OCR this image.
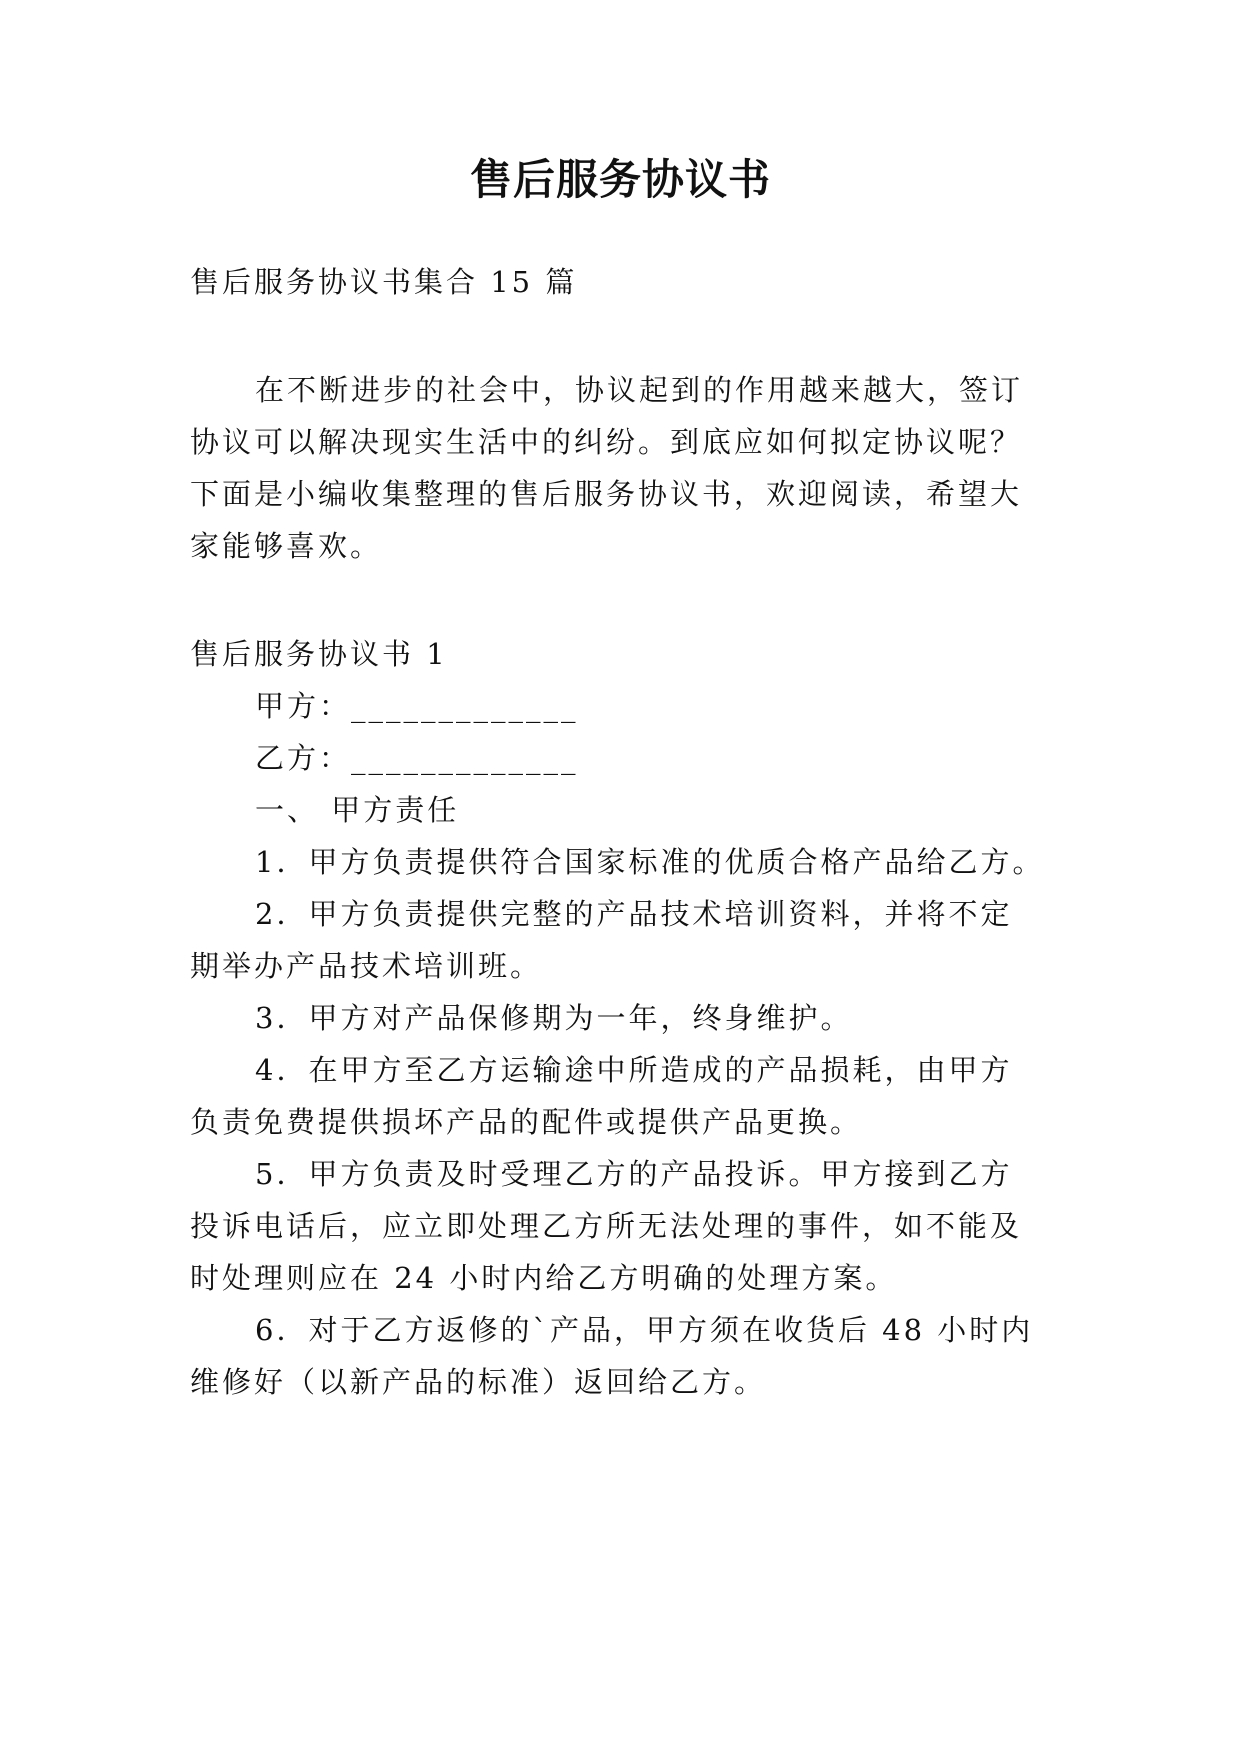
售后服务协议书
售后服务协议书集合 15 篇
在不断进步的社会中，协议起到的作用越来越大，签订
协议可以解决现实生活中的纠纷。到底应如何拟定协议呢？
下面是小编收集整理的售后服务协议书，欢迎阅读，希望大
家能够喜欢。
售后服务协议书 1
甲方：_____________
乙方：_____________
一、 甲方责任
1．甲方负责提供符合国家标准的优质合格产品给乙方。
2．甲方负责提供完整的产品技术培训资料，并将不定
期举办产品技术培训班。
3．甲方对产品保修期为一年，终身维护。
4．在甲方至乙方运输途中所造成的产品损耗，由甲方
负责免费提供损坏产品的配件或提供产品更换。
5．甲方负责及时受理乙方的产品投诉。甲方接到乙方
投诉电话后，应立即处理乙方所无法处理的事件，如不能及
时处理则应在 24 小时内给乙方明确的处理方案。
6．对于乙方返修的`产品，甲方须在收货后 48 小时内
维修好（以新产品的标准）返回给乙方。
